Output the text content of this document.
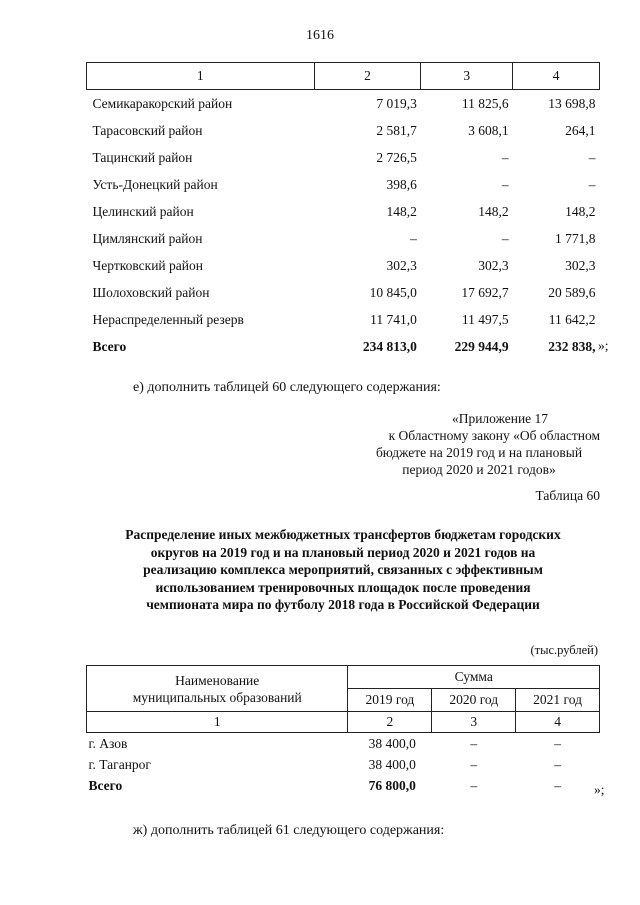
1616
1	2	3	4
Семикаракорский район	7 019,3	11 825,6	13 698,8
Тарасовский район	2 581,7	3 608,1	264,1
Тацинский район	2 726,5	–	–
Усть-Донецкий район	398,6	–	–
Целинский район	148,2	148,2	148,2
Цимлянский район	–	–	1 771,8
Чертковский район	302,3	302,3	302,3
Шолоховский район	10 845,0	17 692,7	20 589,6
Нераспределенный резерв	11 741,0	11 497,5	11 642,2
Всего	234 813,0	229 944,9	232 838, »;
е) дополнить таблицей 60 следующего содержания:
«Приложение 17
к Областному закону «Об областном
бюджете на 2019 год и на плановый
период 2020 и 2021 годов»
Таблица 60
Распределение иных межбюджетных трансфертов бюджетам городских
округов на 2019 год и на плановый период 2020 и 2021 годов на
реализацию комплекса мероприятий, связанных с эффективным
использованием тренировочных площадок после проведения
чемпионата мира по футболу 2018 года в Российской Федерации
(тыс.рублей)
Наименование
муниципальных образований	Сумма		
	2019 год	2020 год	2021 год
1	2	3	4
г. Азов	38 400,0	–	–
г. Таганрог	38 400,0	–	–
Всего	76 800,0	–	– »;
ж) дополнить таблицей 61 следующего содержания:
